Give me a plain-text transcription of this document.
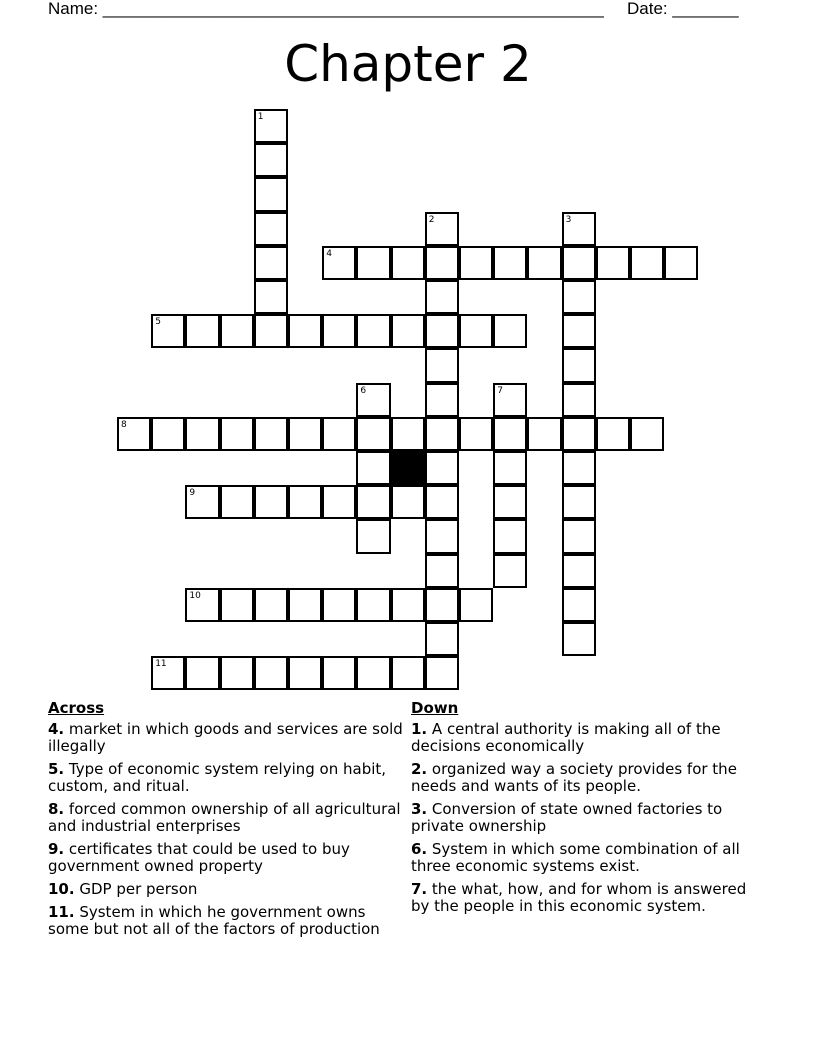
Name: _____________________________________________________ Date: _______
Chapter 2
1
2	3
4
5
6	7
8
9
10
11
Across
4. market in which goods and services are sold illegally
5. Type of economic system relying on habit, custom, and ritual.
8. forced common ownership of all agricultural and industrial enterprises
9. certificates that could be used to buy government owned property
10. GDP per person
11. System in which he government owns some but not all of the factors of production
Down
1. A central authority is making all of the decisions economically
2. organized way a society provides for the needs and wants of its people.
3. Conversion of state owned factories to private ownership
6. System in which some combination of all three economic systems exist.
7. the what, how, and for whom is answered by the people in this economic system.
